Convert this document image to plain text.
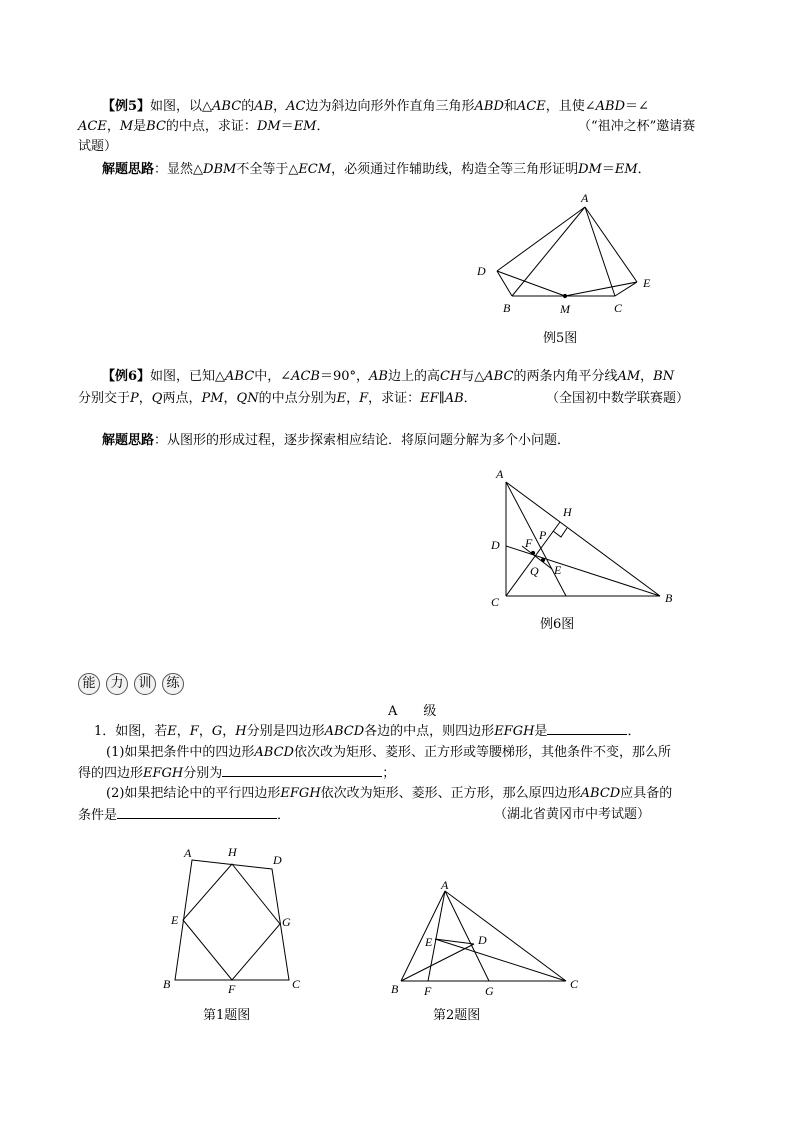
【例5】如图，以△ABC的AB，AC边为斜边向形外作直角三角形ABD和ACE，且使∠ABD＝∠
ACE，M是BC的中点，求证：DM＝EM．	（“祖冲之杯”邀请赛
试题）
解题思路：显然△DBM不全等于△ECM，必须通过作辅助线，构造全等三角形证明DM＝EM．
例5图
【例6】如图，已知△ABC中，∠ACB＝90°，AB边上的高CH与△ABC的两条内角平分线AM，BN
分别交于P，Q两点，PM，QN的中点分别为E，F，求证：EF∥AB．	（全国初中数学联赛题）
解题思路：从图形的形成过程，逐步探索相应结论．将原问题分解为多个小问题．
例6图
能 力 训 练
A　　级
1．如图，若E，F，G，H分别是四边形ABCD各边的中点，则四边形EFGH是	．
(1)如果把条件中的四边形ABCD依次改为矩形、菱形、正方形或等腰梯形，其他条件不变，那么所
得的四边形EFGH分别为	；
(2)如果把结论中的平行四边形EFGH依次改为矩形、菱形、正方形，那么原四边形ABCD应具备的
条件是	．	（湖北省黄冈市中考试题）
第1题图	第2题图
A
D
E
B	M	C
A
H
P
D F
Q E
C	B
A	H
D
E	G
B	F	C
A
E	D
B F	G	C
